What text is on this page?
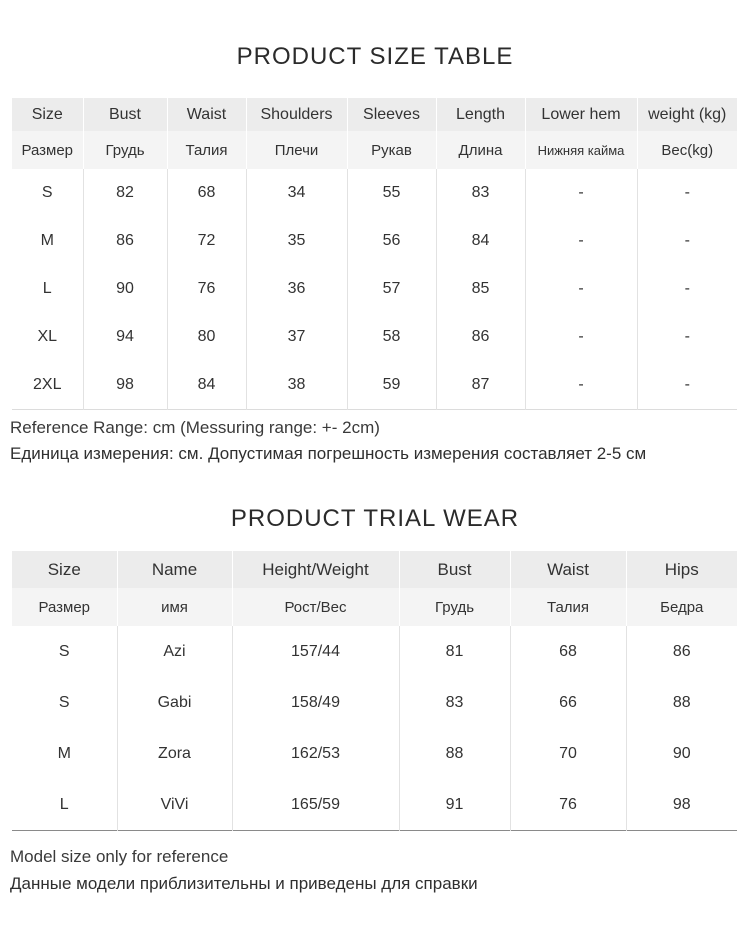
PRODUCT SIZE TABLE
Size	Bust	Waist	Shoulders	Sleeves	Length	Lower hem	weight (kg)
Размер	Грудь	Талия	Плечи	Рукав	Длина	Нижняя кайма	Вес(kg)
S	82	68	34	55	83	-	-
M	86	72	35	56	84	-	-
L	90	76	36	57	85	-	-
XL	94	80	37	58	86	-	-
2XL	98	84	38	59	87	-	-
Reference Range: cm (Messuring range: +- 2cm)
Единица измерения: см. Допустимая погрешность измерения составляет 2-5 см
PRODUCT TRIAL WEAR
Size	Name	Height/Weight	Bust	Waist	Hips
Размер	имя	Рост/Вес	Грудь	Талия	Бедра
S	Azi	157/44	81	68	86
S	Gabi	158/49	83	66	88
M	Zora	162/53	88	70	90
L	ViVi	165/59	91	76	98
Model size only for reference
Данные модели приблизительны и приведены для справки
